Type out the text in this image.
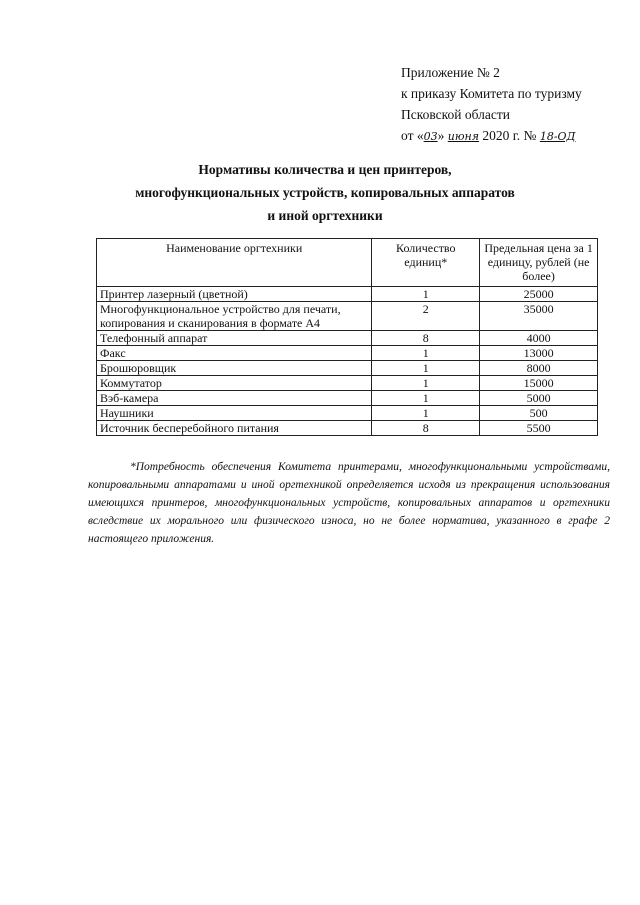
Приложение № 2
к приказу Комитета по туризму
Псковской области
от «03» июня 2020 г. № 18-ОД
Нормативы количества и цен принтеров,
многофункциональных устройств, копировальных аппаратов
и иной оргтехники
Наименование оргтехники	Количество единиц*	Предельная цена за 1 единицу, рублей (не более)
Принтер лазерный (цветной)	1	25000
Многофункциональное устройство для печати, копирования и сканирования в формате А4	2	35000
Телефонный аппарат	8	4000
Факс	1	13000
Брошюровщик	1	8000
Коммутатор	1	15000
Вэб-камера	1	5000
Наушники	1	500
Источник бесперебойного питания	8	5500
*Потребность обеспечения Комитета принтерами, многофункциональными устройствами, копировальными аппаратами и иной оргтехникой определяется исходя из прекращения использования имеющихся принтеров, многофункциональных устройств, копировальных аппаратов и оргтехники вследствие их морального или физического износа, но не более норматива, указанного в графе 2 настоящего приложения.
